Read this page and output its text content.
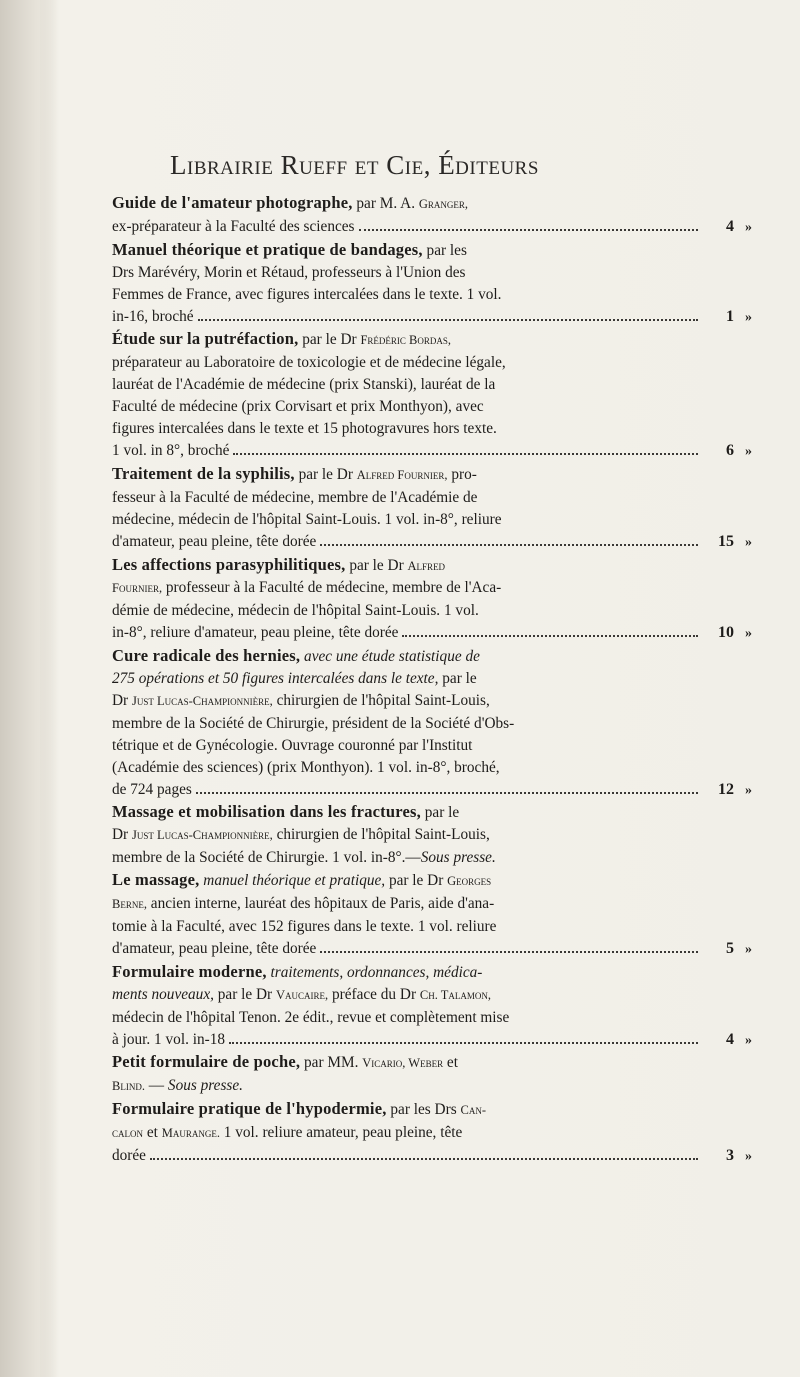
Librairie Rueff et Cie, Éditeurs

Guide de l'amateur photographe, par M. A. Granger,

ex-préparateur à la Faculté des sciences	4 »

Manuel théorique et pratique de bandages, par les

Drs Marévéry, Morin et Rétaud, professeurs à l'Union des

Femmes de France, avec figures intercalées dans le texte. 1 vol.

in-16, broché	1 »

Étude sur la putréfaction, par le Dr Frédéric Bordas,

préparateur au Laboratoire de toxicologie et de médecine légale,

lauréat de l'Académie de médecine (prix Stanski), lauréat de la

Faculté de médecine (prix Corvisart et prix Monthyon), avec

figures intercalées dans le texte et 15 photogravures hors texte.

1 vol. in 8°, broché	6 »

Traitement de la syphilis, par le Dr Alfred Fournier, pro-

fesseur à la Faculté de médecine, membre de l'Académie de

médecine, médecin de l'hôpital Saint-Louis. 1 vol. in-8°, reliure

d'amateur, peau pleine, tête dorée	15 »

Les affections parasyphilitiques, par le Dr Alfred

Fournier, professeur à la Faculté de médecine, membre de l'Aca-

démie de médecine, médecin de l'hôpital Saint-Louis. 1 vol.

in-8°, reliure d'amateur, peau pleine, tête dorée	10 »

Cure radicale des hernies, avec une étude statistique de

275 opérations et 50 figures intercalées dans le texte, par le

Dr Just Lucas-Championnière, chirurgien de l'hôpital Saint-Louis,

membre de la Société de Chirurgie, président de la Société d'Obs-

tétrique et de Gynécologie. Ouvrage couronné par l'Institut

(Académie des sciences) (prix Monthyon). 1 vol. in-8°, broché,

de 724 pages	12 »

Massage et mobilisation dans les fractures, par le

Dr Just Lucas-Championnière, chirurgien de l'hôpital Saint-Louis,

membre de la Société de Chirurgie. 1 vol. in-8°.—Sous presse.

Le massage, manuel théorique et pratique, par le Dr Georges

Berne, ancien interne, lauréat des hôpitaux de Paris, aide d'ana-

tomie à la Faculté, avec 152 figures dans le texte. 1 vol. reliure

d'amateur, peau pleine, tête dorée	5 »

Formulaire moderne, traitements, ordonnances, médica-

ments nouveaux, par le Dr Vaucaire, préface du Dr Ch. Talamon,

médecin de l'hôpital Tenon. 2e édit., revue et complètement mise

à jour. 1 vol. in-18	4 »

Petit formulaire de poche, par MM. Vicario, Weber et

Blind. — Sous presse.

Formulaire pratique de l'hypodermie, par les Drs Can-

calon et Maurange. 1 vol. reliure amateur, peau pleine, tête

dorée	3 »
